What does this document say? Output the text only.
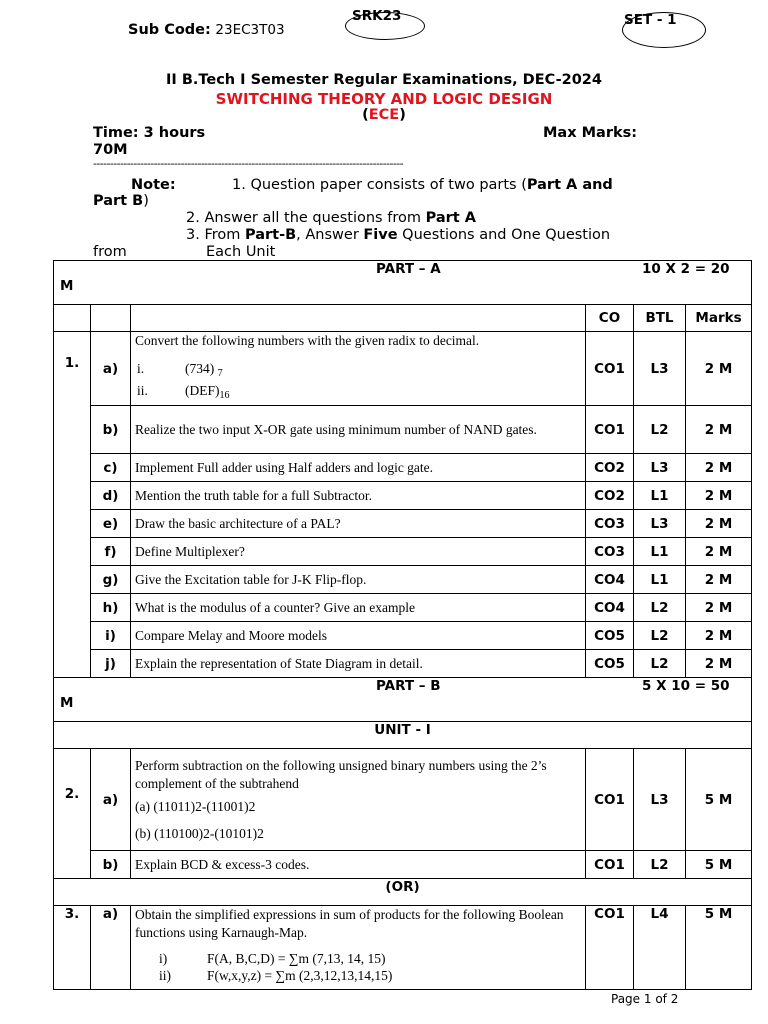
Sub Code: 23EC3T03
SRK23	SET - 1
II B.Tech I Semester Regular Examinations, DEC-2024
SWITCHING THEORY AND LOGIC DESIGN
(ECE)
Time: 3 hours	Max Marks:
70M
--------------------------------------------------------------------------------------------
Note:	1. Question paper consists of two parts (Part A and
Part B)
2. Answer all the questions from Part A
3. From Part-B, Answer Five Questions and One Question
from	Each Unit
PART – A 10 X 2 = 20
M					

			CO	BTL	Marks
1.	a)	Convert the following numbers with the given radix to decimal.
i. (734) $_7$
ii. $(DEF)_{16}$	CO1	L3	2 M
	b)	Realize the two input X-OR gate using minimum number of NAND gates.	CO1	L2	2 M
	c)	Implement Full adder using Half adders and logic gate.	CO2	L3	2 M
	d)	Mention the truth table for a full Subtractor.	CO2	L1	2 M
	e)	Draw the basic architecture of a PAL?	CO3	L3	2 M
	f)	Define Multiplexer?	CO3	L1	2 M
	g)	Give the Excitation table for J-K Flip-flop.	CO4	L1	2 M
	h)	What is the modulus of a counter? Give an example	CO4	L2	2 M
	i)	Compare Melay and Moore models	CO5	L2	2 M
	j)	Explain the representation of State Diagram in detail.	CO5	L2	2 M

PART – B 5 X 10 = 50
M					

UNIT - I					
2.	a)	Perform subtraction on the following unsigned binary numbers using the 2’s complement of the subtrahend
(a) (11011)2-(11001)2
(b) (110100)2-(10101)2	CO1	L3	5 M
	b)	Explain BCD & excess-3 codes.	CO1	L2	5 M
(OR)					
3.	a)	Obtain the simplified expressions in sum of products for the following Boolean functions using Karnaugh-Map.
i) F(A, B,C,D) = ∑m (7,13, 14, 15)
ii) F(w,x,y,z) = ∑m (2,3,12,13,14,15)	CO1	L4	5 M
Page 1 of 2
